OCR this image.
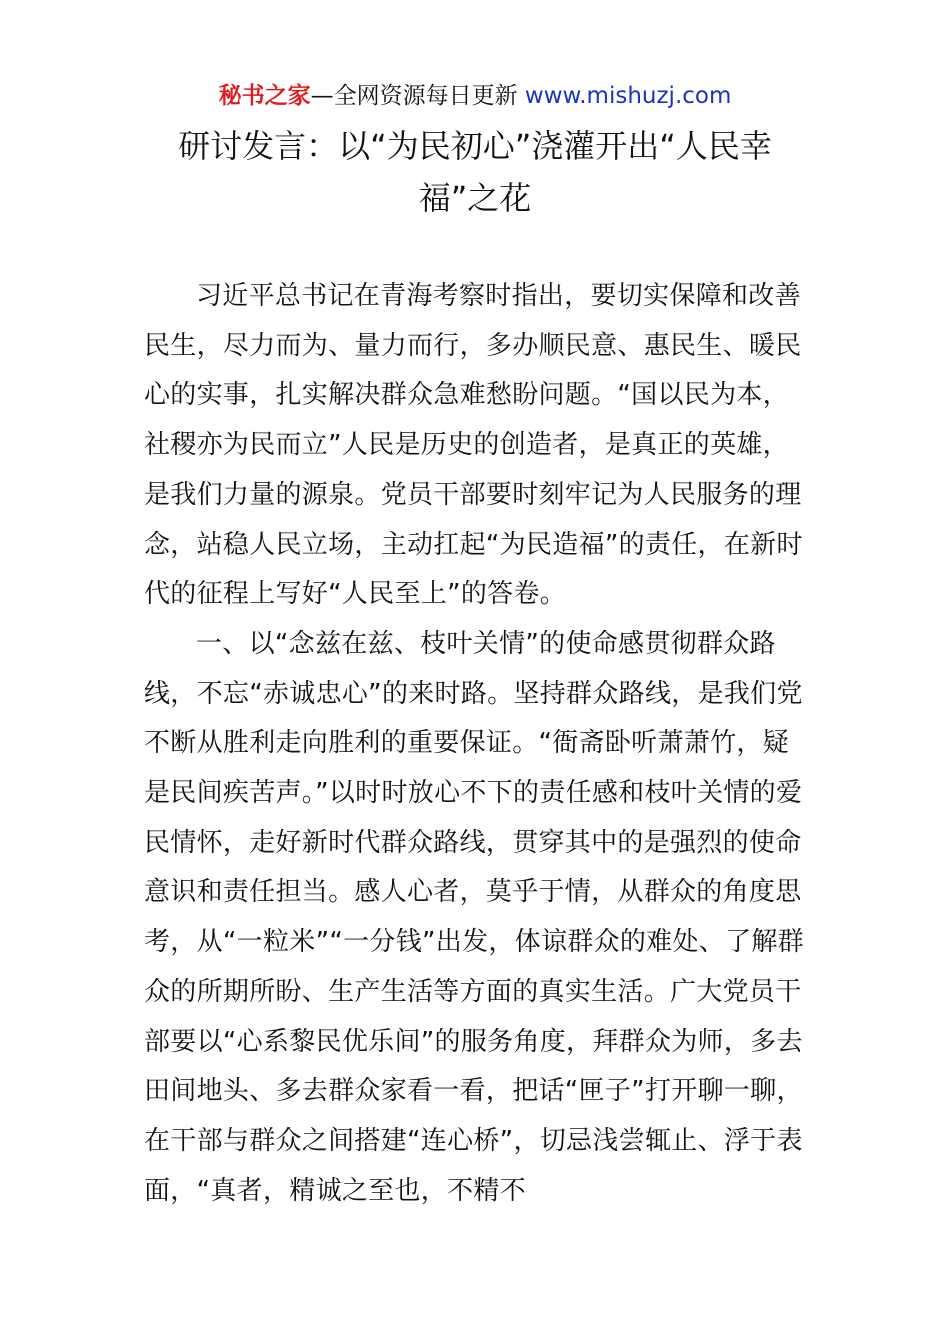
秘书之家—全网资源每日更新 www.mishuzj.com
研讨发言：以“为民初心”浇灌开出“人民幸福”之花

习近平总书记在青海考察时指出，要切实保障和改善民生，尽力而为、量力而行，多办顺民意、惠民生、暖民心的实事，扎实解决群众急难愁盼问题。“国以民为本，社稷亦为民而立”人民是历史的创造者，是真正的英雄，是我们力量的源泉。党员干部要时刻牢记为人民服务的理念，站稳人民立场，主动扛起“为民造福”的责任，在新时代的征程上写好“人民至上”的答卷。

一、以“念兹在兹、枝叶关情”的使命感贯彻群众路线，不忘“赤诚忠心”的来时路。坚持群众路线，是我们党不断从胜利走向胜利的重要保证。“衙斋卧听萧萧竹，疑是民间疾苦声。”以时时放心不下的责任感和枝叶关情的爱民情怀，走好新时代群众路线，贯穿其中的是强烈的使命意识和责任担当。感人心者，莫乎于情，从群众的角度思考，从“一粒米”“一分钱”出发，体谅群众的难处、了解群众的所期所盼、生产生活等方面的真实生活。广大党员干部要以“心系黎民优乐间”的服务角度，拜群众为师，多去田间地头、多去群众家看一看，把话“匣子”打开聊一聊，在干部与群众之间搭建“连心桥”，切忌浅尝辄止、浮于表面，“真者，精诚之至也，不精不
